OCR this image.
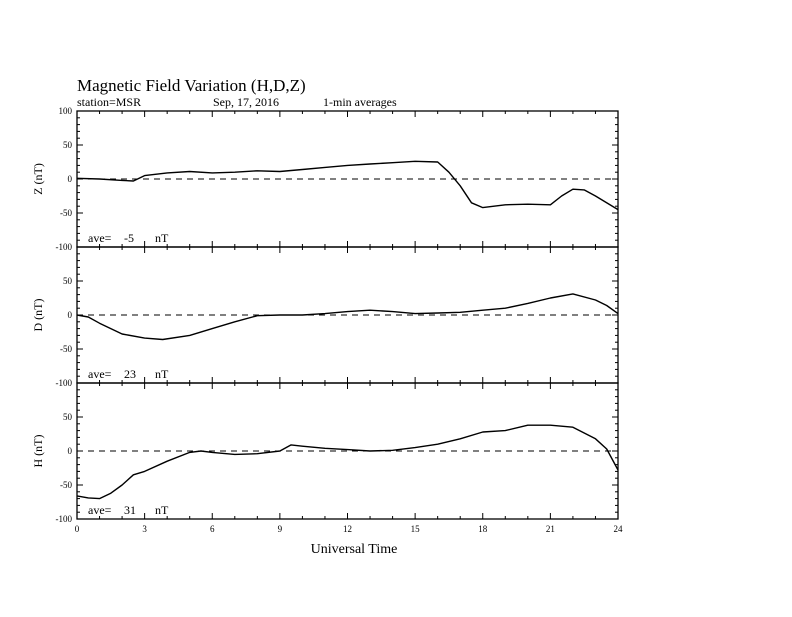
Magnetic Field Variation (H,D,Z)
station=MSR	Sep, 17, 2016	1-min averages
-100
-50
0
50
100
Z (nT)
ave= -5 nT
-100
-50
0
50
D (nT)
ave= 23 nT
-100
-50
0
50
H (nT)
ave= 31 nT
0	3	6	9	12	15	18	21	24
Universal Time
